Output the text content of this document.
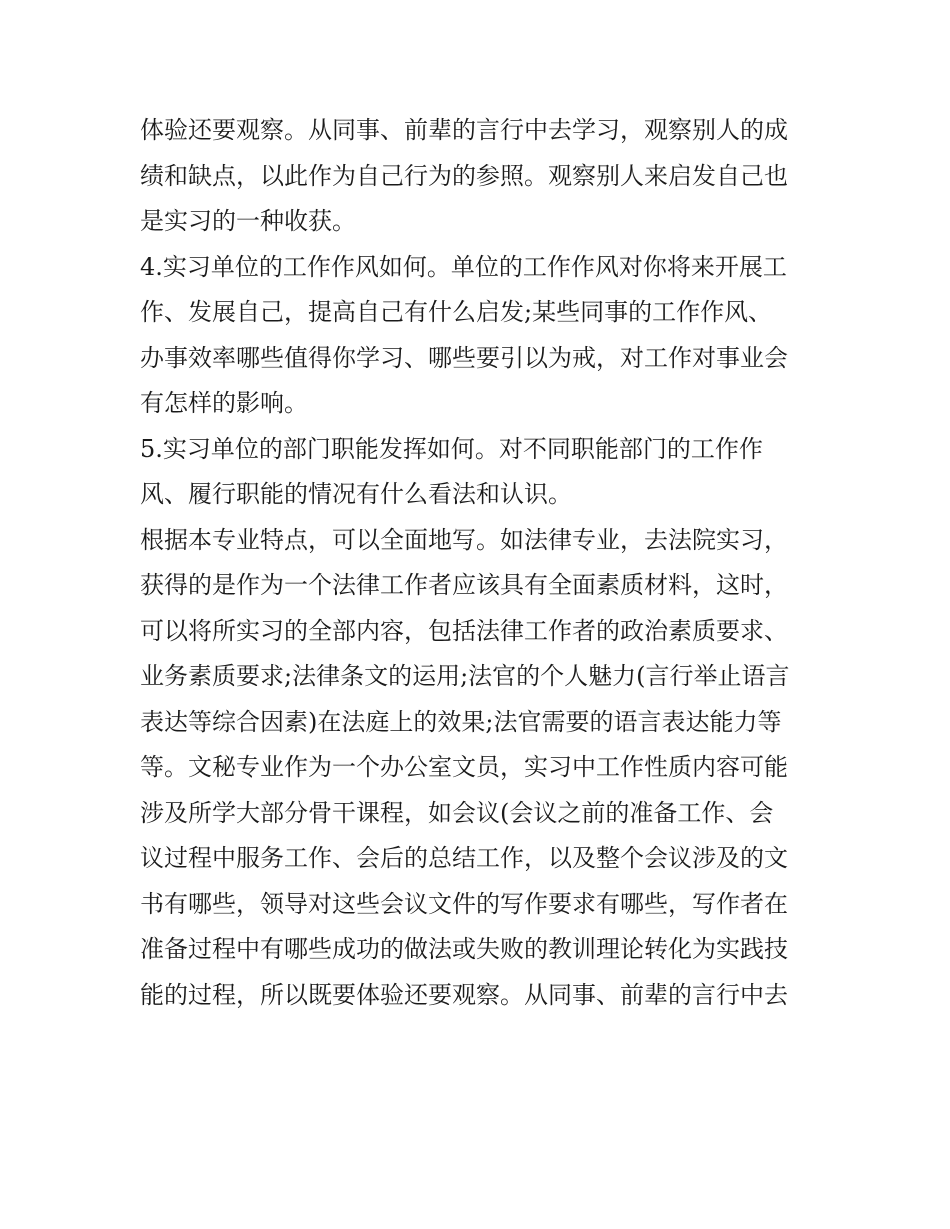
体验还要观察。从同事、前辈的言行中去学习，观察别人的成
绩和缺点，以此作为自己行为的参照。观察别人来启发自己也
是实习的一种收获。
4.实习单位的工作作风如何。单位的工作作风对你将来开展工
作、发展自己，提高自己有什么启发;某些同事的工作作风、
办事效率哪些值得你学习、哪些要引以为戒，对工作对事业会
有怎样的影响。
5.实习单位的部门职能发挥如何。对不同职能部门的工作作
风、履行职能的情况有什么看法和认识。
根据本专业特点，可以全面地写。如法律专业，去法院实习，
获得的是作为一个法律工作者应该具有全面素质材料，这时，
可以将所实习的全部内容，包括法律工作者的政治素质要求、
业务素质要求;法律条文的运用;法官的个人魅力(言行举止语言
表达等综合因素)在法庭上的效果;法官需要的语言表达能力等
等。文秘专业作为一个办公室文员，实习中工作性质内容可能
涉及所学大部分骨干课程，如会议(会议之前的准备工作、会
议过程中服务工作、会后的总结工作，以及整个会议涉及的文
书有哪些，领导对这些会议文件的写作要求有哪些，写作者在
准备过程中有哪些成功的做法或失败的教训理论转化为实践技
能的过程，所以既要体验还要观察。从同事、前辈的言行中去
